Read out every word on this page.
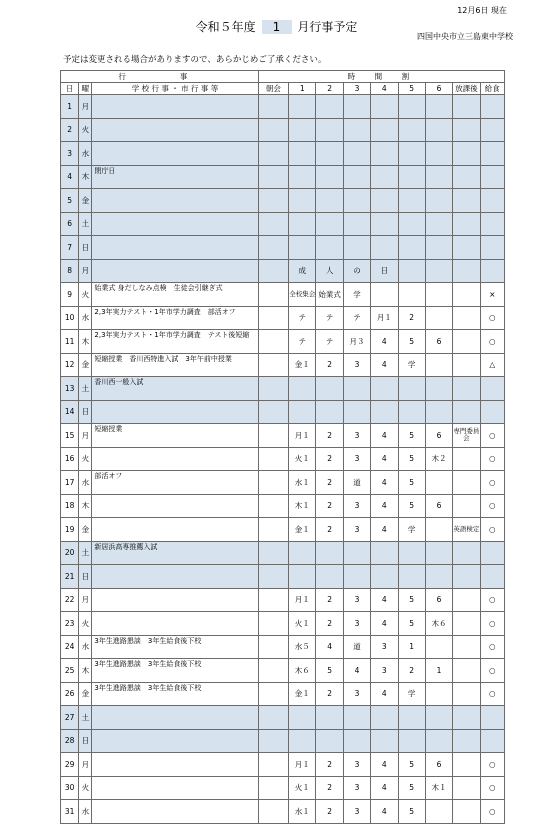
12月6日 現在
令和５年度 1 月行事予定
四国中央市立三島東中学校
予定は変更される場合がありますので、あらかじめご了承ください。
行　　事			時　間　割								
日	曜	学 校 行 事 ・ 市 行 事 等	朝会	1	2	3	4	5	6	放課後	給食
1	月										
2	火										
3	水										
4	木	閉庁日									
5	金										
6	土										
7	日										
8	月			成	人	の	日				
9	火	始業式 身だしなみ点検　生徒会引継ぎ式		全校集会	始業式	学					×
10	水	2,3年実力テスト・1年市学力調査　部活オフ		テ	テ	テ	月１	2			○
11	木	2,3年実力テスト・1年市学力調査　テスト後短縮		テ	テ	月３	4	5	6		○
12	金	短縮授業　香川西特進入試　3年午前中授業		金１	2	3	4	学			△
13	土	香川西一般入試									
14	日										
15	月	短縮授業		月１	2	3	4	5	6	専門委員会	○
16	火			火１	2	3	4	5	木２		○
17	水	部活オフ		水１	2	道	4	5			○
18	木			木１	2	3	4	5	6		○
19	金			金１	2	3	4	学		英語検定	○
20	土	新居浜高専推薦入試									
21	日										
22	月			月１	2	3	4	5	6		○
23	火			火１	2	3	4	5	木６		○
24	水	3年生進路懇談　3年生給食後下校		水５	4	道	3	1			○
25	木	3年生進路懇談　3年生給食後下校		木６	5	4	3	2	1		○
26	金	3年生進路懇談　3年生給食後下校		金１	2	3	4	学			○
27	土										
28	日										
29	月			月１	2	3	4	5	6		○
30	火			火１	2	3	4	5	木１		○
31	水			水１	2	3	4	5			○
